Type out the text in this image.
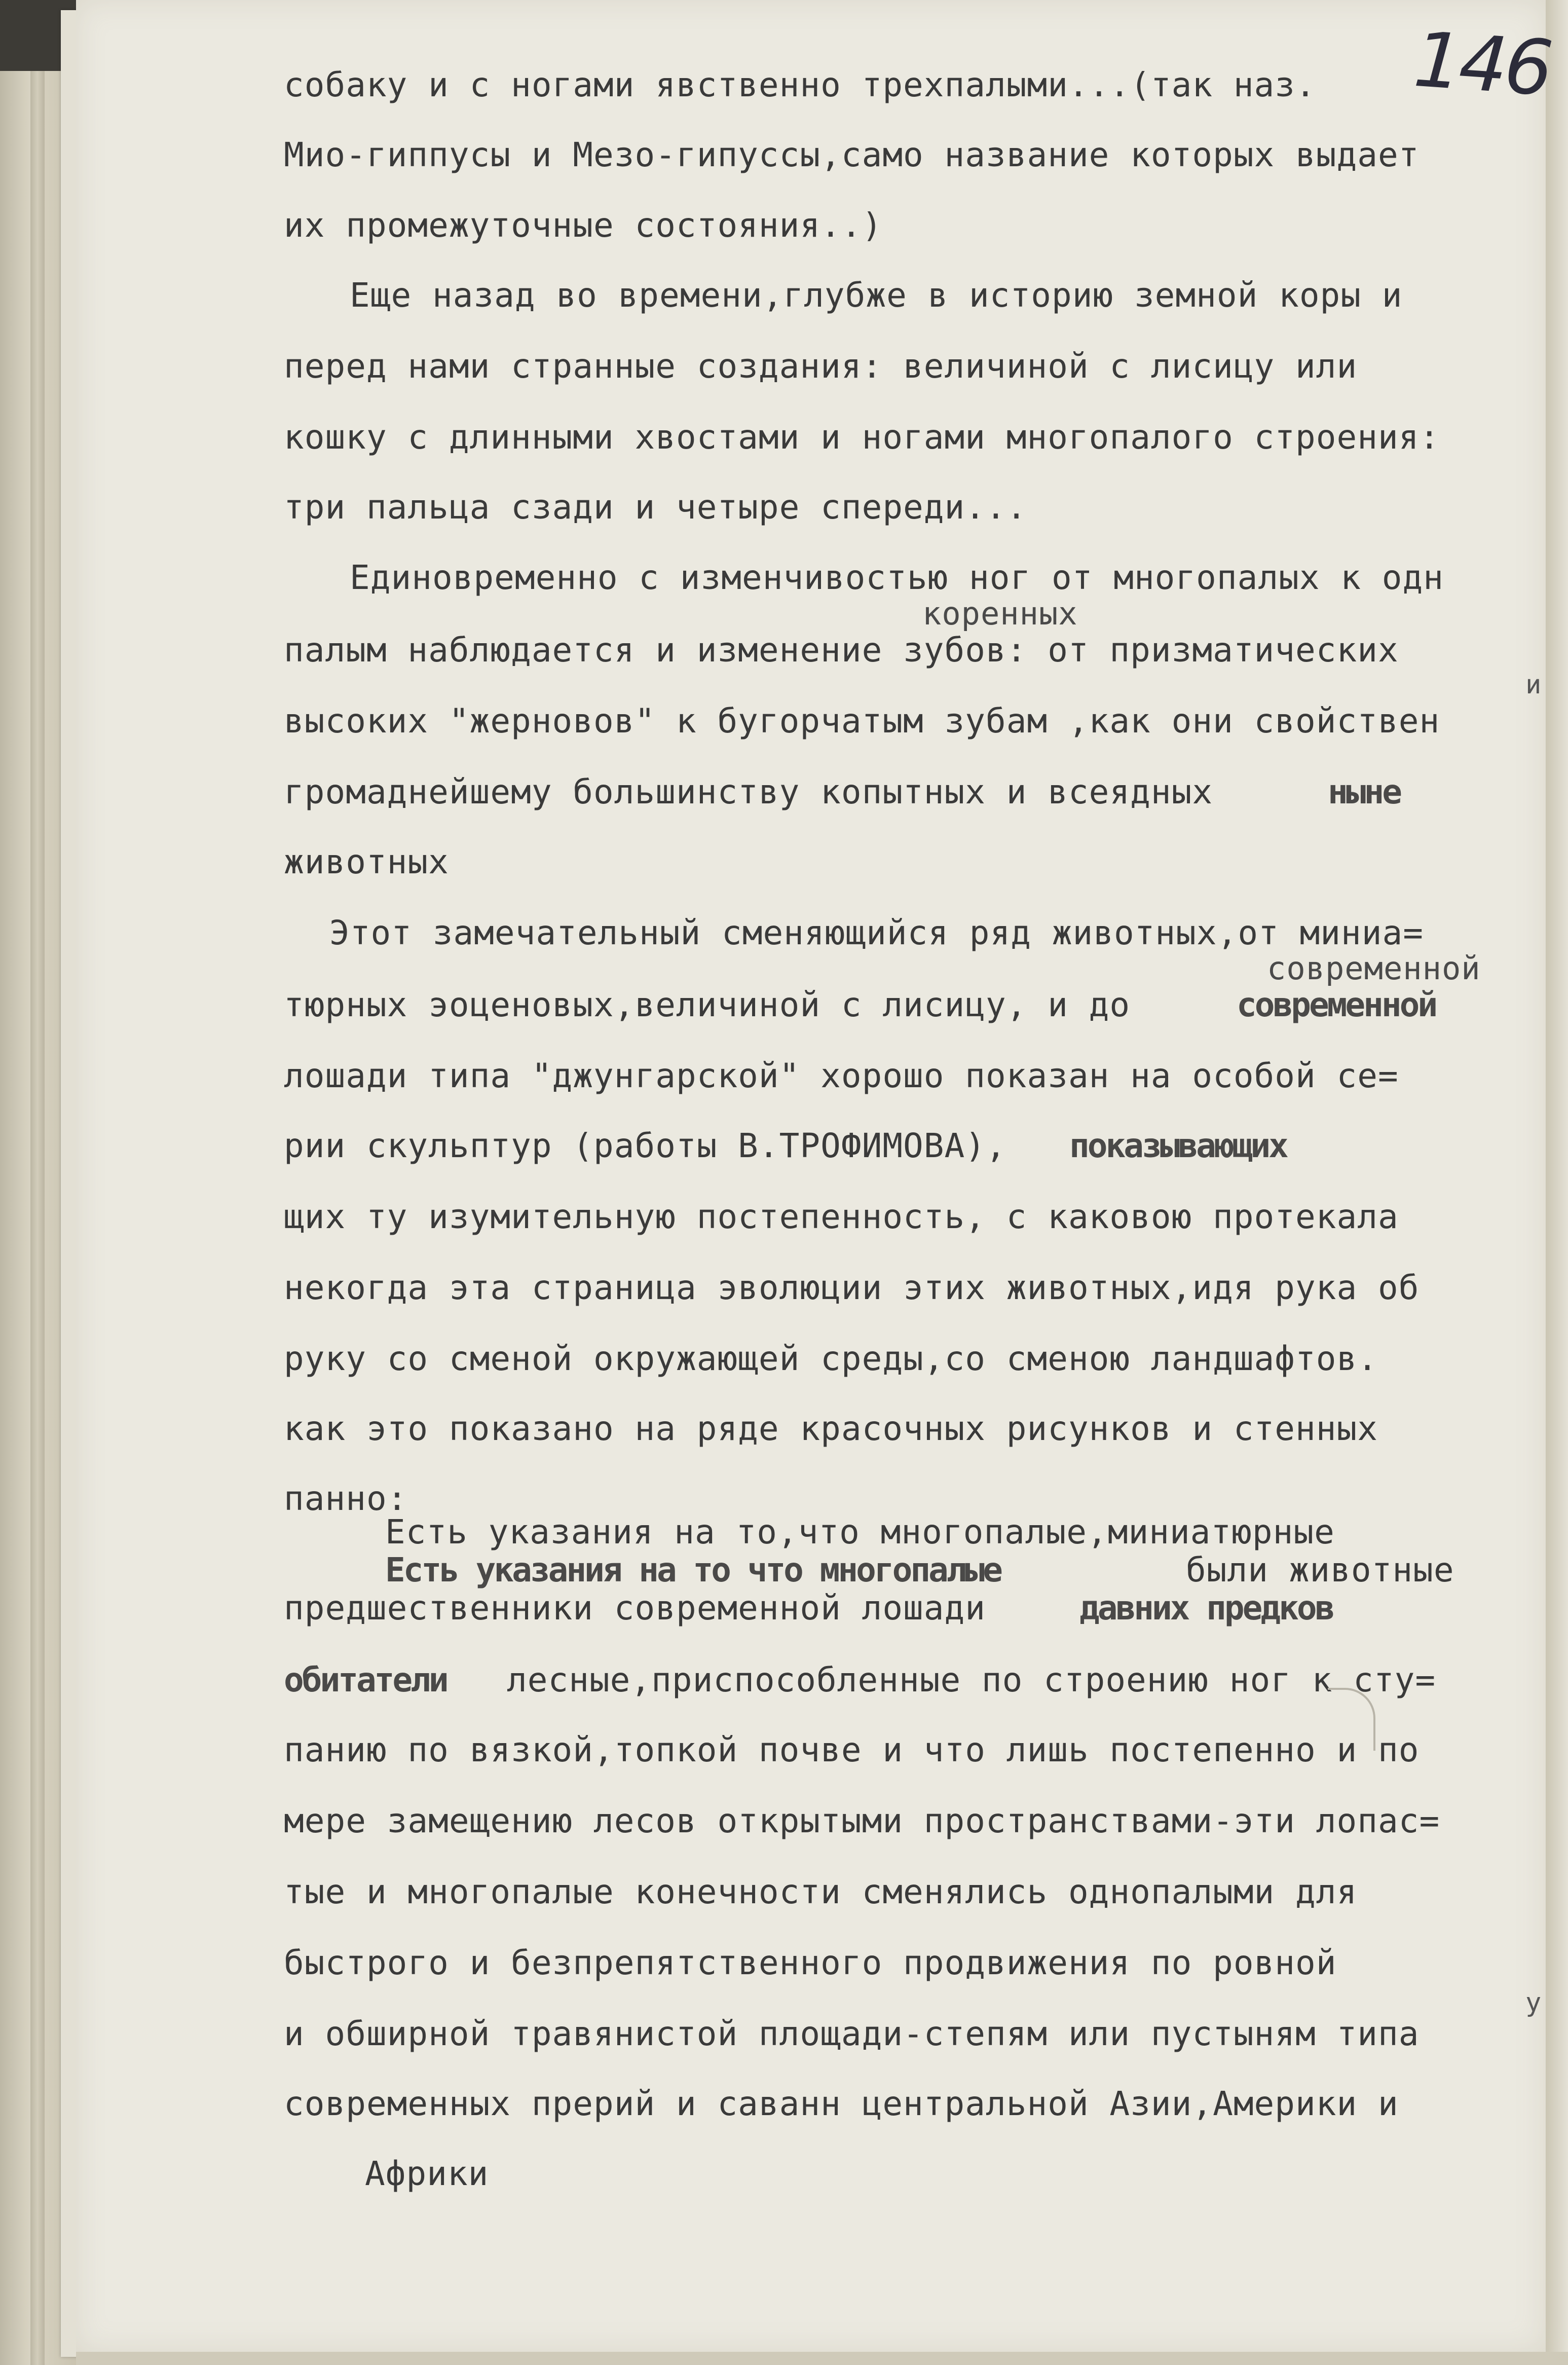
146
собаку и с ногами явственно трехпалыми...(так наз.
Мио-гиппусы и Мезо-гипуссы,само название которых выдает
их промежуточные состояния..)
Еще назад во времени,глубже в историю земной коры и
перед нами странные создания: величиной с лисицу или
кошку с длинными хвостами и ногами многопалого строения:
три пальца сзади и четыре спереди...
Единовременно с изменчивостью ног от многопалых к одн
коренных
палым наблюдается и изменение зубов: от призматических
высоких "жерновов" к бугорчатым зубам ,как они свойствен
громаднейшему большинству копытных и всеядных	ныне
животных
Этот замечательный сменяющийся ряд животных,от миниа=
современной
тюрных эоценовых,величиной с лисицу, и до	современной
лошади типа "джунгарской" хорошо показан на особой се=
рии скульптур (работы В.ТРОФИМОВА), показывающих
щих ту изумительную постепенность, с каковою протекала
некогда эта страница эволюции этих животных,идя рука об
руку со сменой окружающей среды,со сменою ландшафтов.
как это показано на ряде красочных рисунков и стенных
панно:
Есть указания на то,что многопалые,миниатюрные
Есть указания на то что многопалые	были животные
предшественники современной лошади	давних предков
обитатели лесные,приспособленные по строению ног к сту=
панию по вязкой,топкой почве и что лишь постепенно и по
мере замещению лесов открытыми пространствами-эти лопас=
тые и многопалые конечности сменялись однопалыми для
быстрого и безпрепятственного продвижения по ровной
и обширной травянистой площади-степям или пустыням типа
современных прерий и саванн центральной Азии,Америки и
Африки
и
у
